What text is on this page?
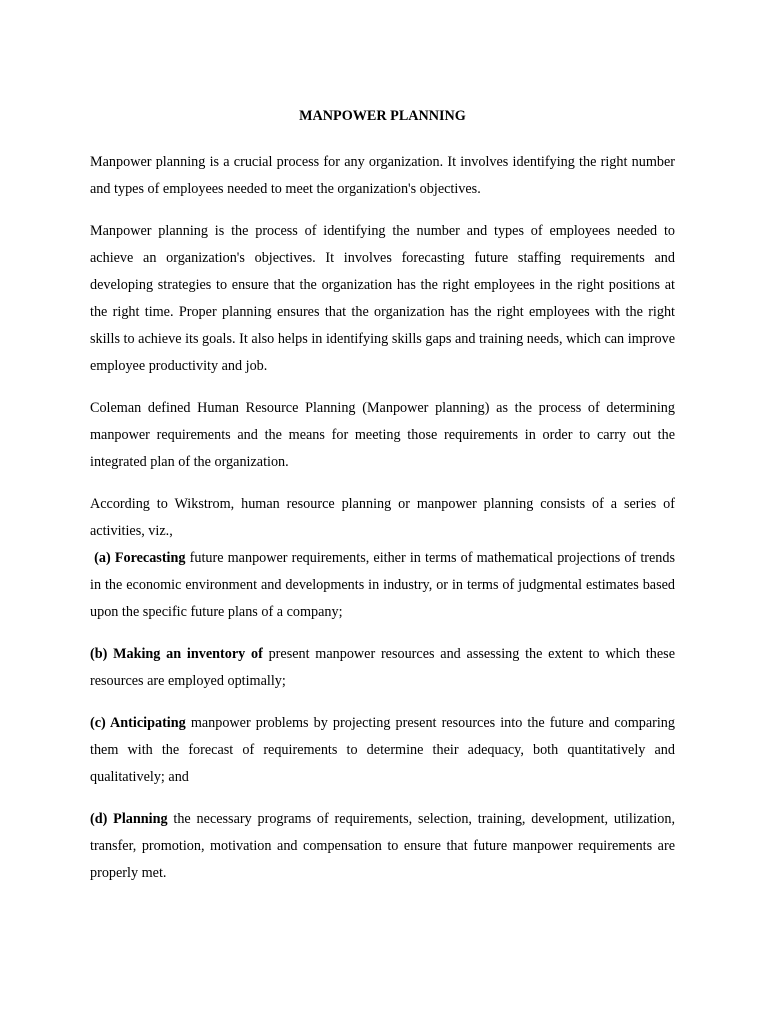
MANPOWER PLANNING

Manpower planning is a crucial process for any organization. It involves identifying the right number and types of employees needed to meet the organization's objectives.

Manpower planning is the process of identifying the number and types of employees needed to achieve an organization's objectives. It involves forecasting future staffing requirements and developing strategies to ensure that the organization has the right employees in the right positions at the right time. Proper planning ensures that the organization has the right employees with the right skills to achieve its goals. It also helps in identifying skills gaps and training needs, which can improve employee productivity and job.

Coleman defined Human Resource Planning (Manpower planning) as the process of determining manpower requirements and the means for meeting those requirements in order to carry out the integrated plan of the organization.

According to Wikstrom, human resource planning or manpower planning consists of a series of activities, viz.,

(a) Forecasting future manpower requirements, either in terms of mathematical projections of trends in the economic environment and developments in industry, or in terms of judgmental estimates based upon the specific future plans of a company;

(b) Making an inventory of present manpower resources and assessing the extent to which these resources are employed optimally;

(c) Anticipating manpower problems by projecting present resources into the future and comparing them with the forecast of requirements to determine their adequacy, both quantitatively and qualitatively; and

(d) Planning the necessary programs of requirements, selection, training, development, utilization, transfer, promotion, motivation and compensation to ensure that future manpower requirements are properly met.
